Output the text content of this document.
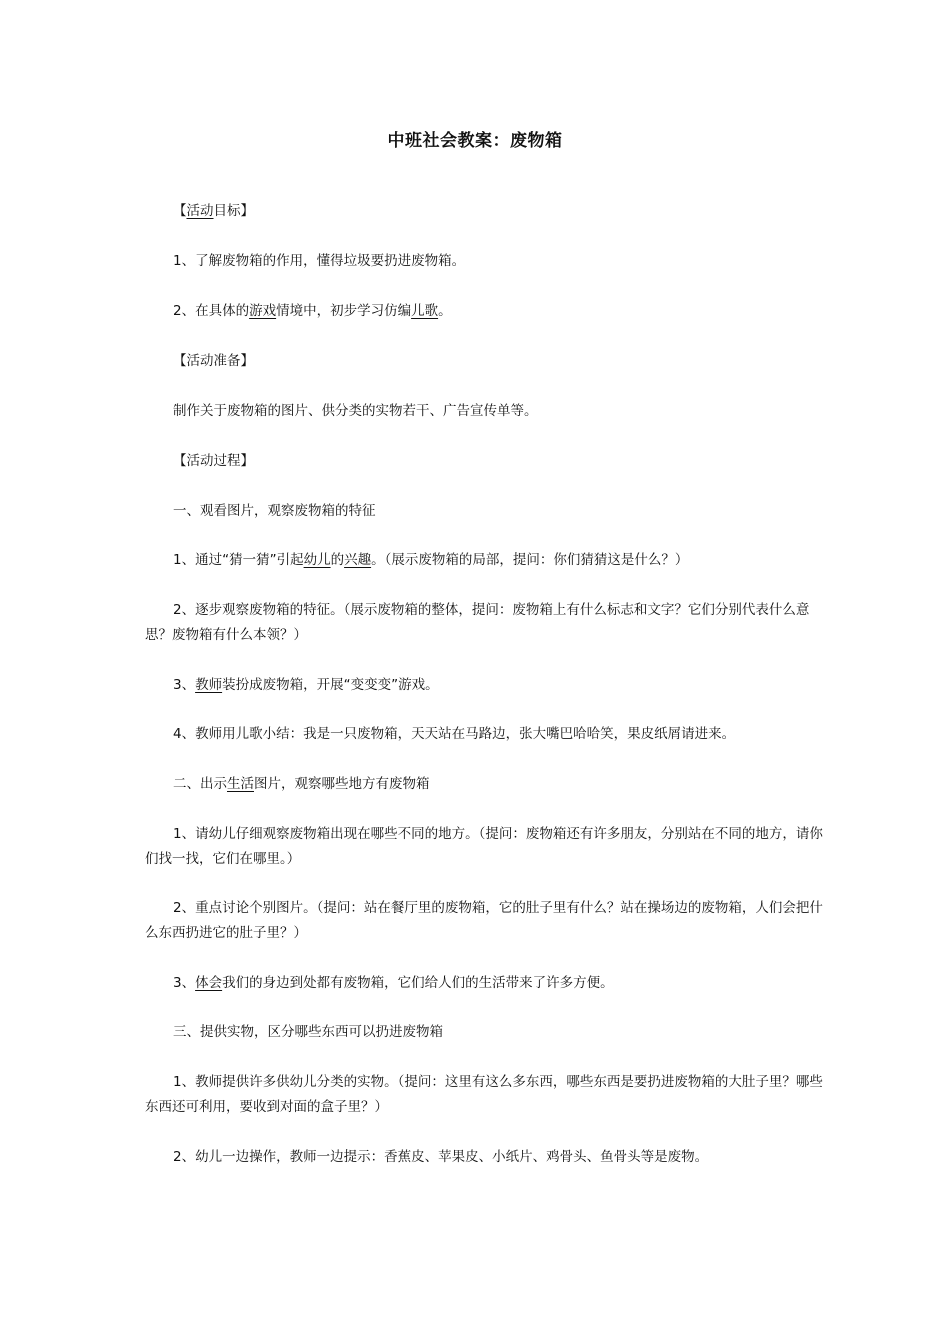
中班社会教案：废物箱
【活动目标】
1、了解废物箱的作用，懂得垃圾要扔进废物箱。
2、在具体的游戏情境中，初步学习仿编儿歌。
【活动准备】
制作关于废物箱的图片、供分类的实物若干、广告宣传单等。
【活动过程】
一、观看图片，观察废物箱的特征
1、通过“猜一猜”引起幼儿的兴趣。（展示废物箱的局部，提问：你们猜猜这是什么？）
2、逐步观察废物箱的特征。（展示废物箱的整体，提问：废物箱上有什么标志和文字？它们分别代表什么意思？废物箱有什么本领？）
3、教师装扮成废物箱，开展“变变变”游戏。
4、教师用儿歌小结：我是一只废物箱，天天站在马路边，张大嘴巴哈哈笑，果皮纸屑请进来。
二、出示生活图片，观察哪些地方有废物箱
1、请幼儿仔细观察废物箱出现在哪些不同的地方。（提问：废物箱还有许多朋友，分别站在不同的地方，请你们找一找，它们在哪里。）
2、重点讨论个别图片。（提问：站在餐厅里的废物箱，它的肚子里有什么？站在操场边的废物箱，人们会把什么东西扔进它的肚子里？）
3、体会我们的身边到处都有废物箱，它们给人们的生活带来了许多方便。
三、提供实物，区分哪些东西可以扔进废物箱
1、教师提供许多供幼儿分类的实物。（提问：这里有这么多东西，哪些东西是要扔进废物箱的大肚子里？哪些东西还可利用，要收到对面的盒子里？）
2、幼儿一边操作，教师一边提示：香蕉皮、苹果皮、小纸片、鸡骨头、鱼骨头等是废物。
